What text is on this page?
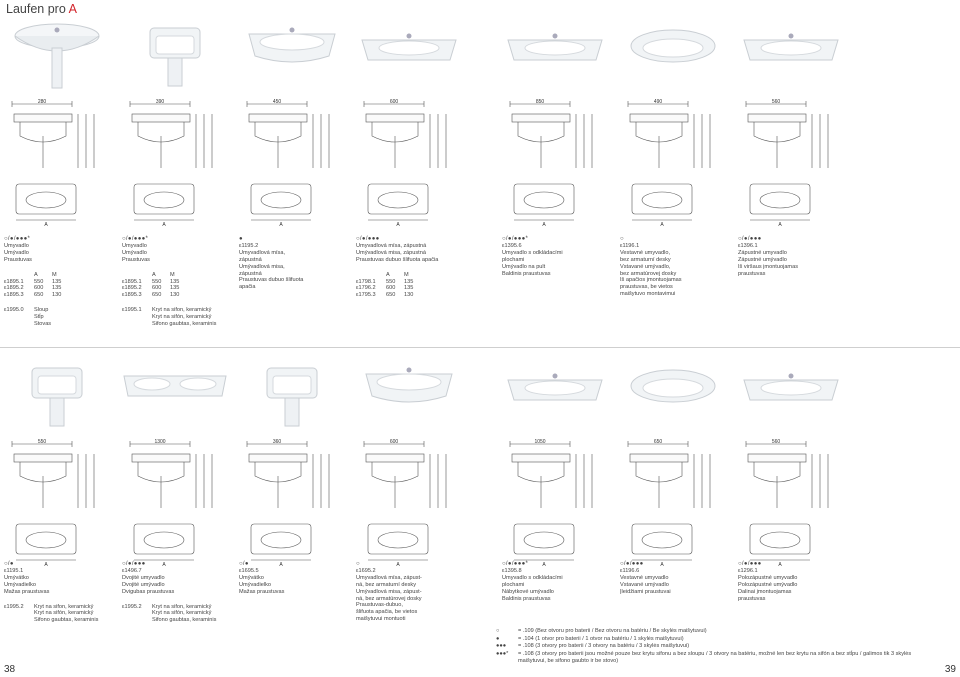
Laufen pro A
280
A
○/●/●●●*
Umyvadlo
Umývadlo
Praustuvas
A	M
ε1895.1 550 135
ε1895.2 600 135
ε1895.3 650 130
ε1995.0 Sloup
Stĺp
Stovas
390
A
○/●/●●●*
Umyvadlo
Umývadlo
Praustuvas
A	M
ε1895.1 550 135
ε1895.2 600 135
ε1895.3 650 130
ε1995.1 Kryt na sifon, keramický
Kryt na sifón, keramický
Sifono gaubtas, keraminis
450
A
●
ε1195.2
Umyvadlová mísa,
zápustná
Umývadlová misa,
zápustná
Praustuvas dubuo šlifuota
apačia
600
A
○/●/●●●
Umyvadlová mísa, zápustná
Umývadlová misa, zápustná
Praustuvas dubuo šlifuota apačia
A	M
ε1798.1 550 135
ε1796.2 600 135
ε1795.3 650 130
850
A
○/●/●●●*
ε1395.6
Umyvadlo s odkládacími
plochami
Umývadlo na pult
Baldinis praustuvas
490
A
○
ε1196.1
Vestavné umyvadlo,
bez armaturní desky
Vstavané umývadlo,
bez armatúrovej dosky
Iš apačios įmontuojamas
praustuvas, be vietos
maišytuvo montavimui
560
A
○/●/●●●
ε1396.1
Zápustné umyvadlo
Zápustné umývadlo
Iš viršaus įmontuojamas
praustuvas
550
A
○/●
ε1195.1
Umývátko
Umývadielko
Mažas praustuvas
ε1995.2 Kryt na sifon, keramický
Kryt na sifón, keramický
Sifono gaubtas, keraminis
1300
A
○/●/●●●
ε1496.7
Dvojité umyvadlo
Dvojité umývadlo
Dvigubas praustuvas
ε1995.2 Kryt na sifon, keramický
Kryt na sifón, keramický
Sifono gaubtas, keraminis
360
A
○/●
ε1695.5
Umývátko
Umývadielko
Mažas praustuvas
600
A
○
ε1695.2
Umyvadlová mísa, zápust-
ná, bez armaturní desky
Umývadlová misa, zápust-
ná, bez armatúrovej dosky
Praustuvas-dubuo,
šlifuota apačia, be vietos
maišytuvui montuoti
1050
A
○/●/●●●*
ε1395.8
Umyvadlo s odkládacími
plochami
Nábytkové umývadlo
Baldinis praustuvas
650
A
○/●/●●●
ε1196.6
Vestavné umyvadlo
Vstavané umývadlo
Įleidžiami praustuvai
560
A
○/●/●●●
ε1296.1
Polozápustné umyvadlo
Polozápustné umývadlo
Dalinai įmontuojamas
praustuvas
○	= .109 (Bez otvoru pro baterii / Bez otvoru na batériu / Be skylės maišytuvui)
●	= .104 (1 otvor pro baterii / 1 otvor na batériu / 1 skylės maišytuvui)
●●● = .108 (3 otvory pro baterii / 3 otvory na batériu / 3 skylės maišytuvui)
●●●* = .108 (3 otvory pro baterii jsou možné pouze bez krytu sifonu a bez sloupu / 3 otvory na batériu, možné len bez krytu na sifón a bez stĺpu / galimos tik 3 skylės
maišytuvui, be sifono gaubto ir be stovo)
38	39
